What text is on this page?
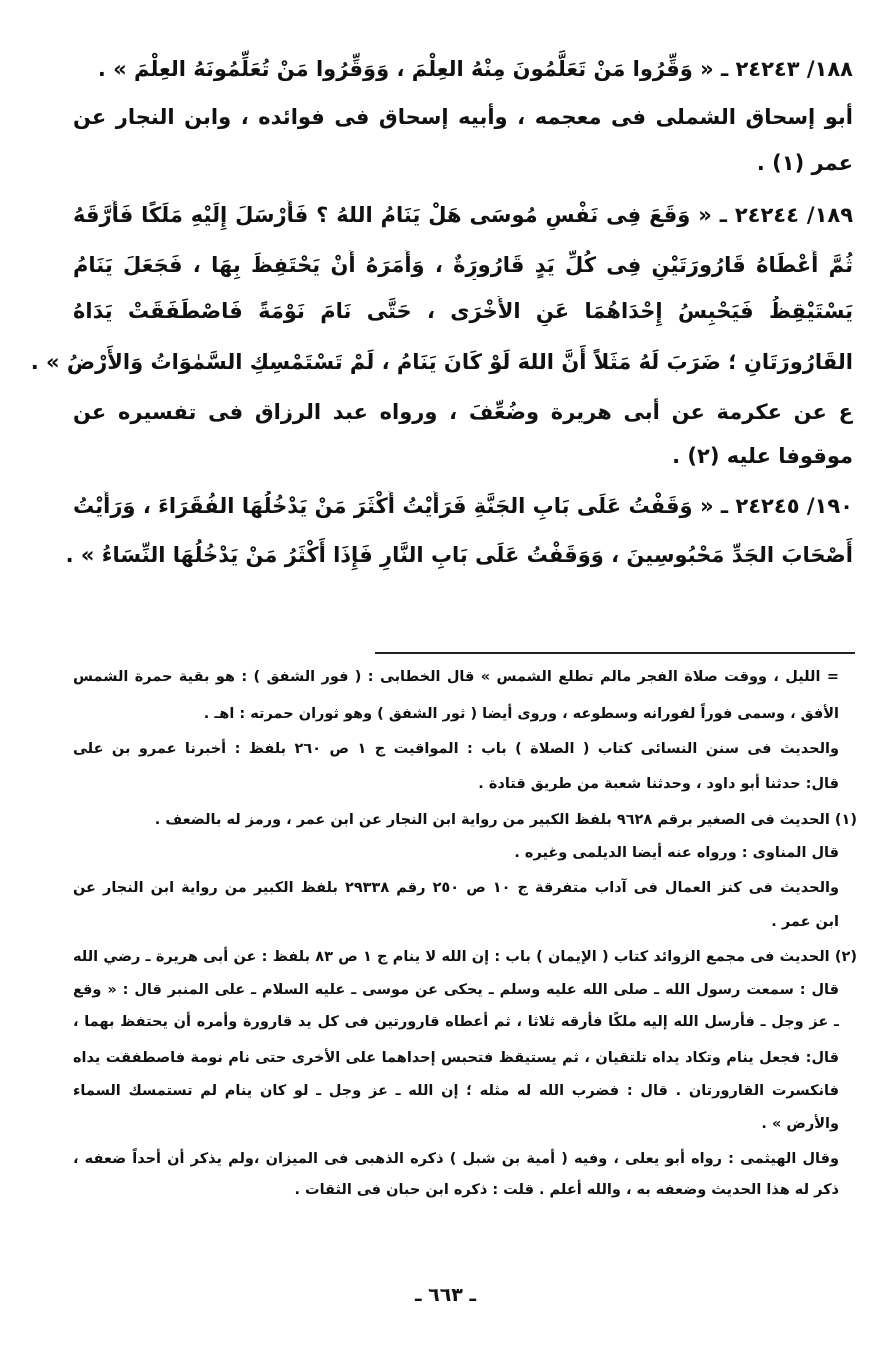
١٨٨/ ٢٤٢٤٣ ـ « وَقِّرُوا مَنْ تَعَلَّمُونَ مِنْهُ العِلْمَ ، وَوَقِّرُوا مَنْ تُعَلِّمُونَهُ العِلْمَ » .
أبو إسحاق الشملى فى معجمه ، وأبيه إسحاق فى فوائده ، وابن النجار عن
عمر (١) .
١٨٩/ ٢٤٢٤٤ ـ « وَقَعَ فِى نَفْسِ مُوسَى هَلْ يَنَامُ اللهُ ؟ فَأَرْسَلَ إِلَيْهِ مَلَكًا فَأَرَّقَهُ
ثُمَّ أَعْطَاهُ قَارُورَتَيْنِ فِى كُلِّ يَدٍ قَارُورَةٌ ، وَأَمَرَهُ أَنْ يَحْتَفِظَ بِهَا ، فَجَعَلَ يَنَامُ
يَسْتَيْقِظُ فَيَحْبِسُ إِحْدَاهُمَا عَنِ الأُخْرَى ، حَتَّى نَامَ نَوْمَةً فَاصْطَفَقَتْ يَدَاهُ
القَارُورَتَانِ ؛ ضَرَبَ لَهُ مَثَلاً أَنَّ اللهَ لَوْ كَانَ يَنَامُ ، لَمْ تَسْتَمْسِكِ السَّمٰوَاتُ وَالأَرْضُ » .
ع عن عكرمة عن أبى هريرة وضُعِّفَ ، ورواه عبد الرزاق فى تفسيره عن
موقوفا عليه (٢) .
١٩٠/ ٢٤٢٤٥ ـ « وَقَفْتُ عَلَى بَابِ الجَنَّةِ فَرَأَيْتُ أَكْثَرَ مَنْ يَدْخُلُهَا الفُقَرَاءَ ، وَرَأَيْتُ
أَصْحَابَ الجَدِّ مَحْبُوسِينَ ، وَوَقَفْتُ عَلَى بَابِ النَّارِ فَإِذَا أَكْثَرُ مَنْ يَدْخُلُهَا النِّسَاءُ » .
= الليل ، ووقت صلاة الفجر مالم تطلع الشمس » قال الخطابى : ( فور الشفق ) : هو بقية حمرة الشمس
الأفق ، وسمى فوراً لفورانه وسطوعه ، وروى أيضا ( ثور الشفق ) وهو ثوران حمرته : اهـ .
والحديث فى سنن النسائى كتاب ( الصلاة ) باب : المواقيت ج ١ ص ٢٦٠ بلفظ : أخبرنا عمرو بن على
قال: حدثنا أبو داود ، وحدثنا شعبة من طريق قتادة .
(١) الحديث فى الصغير برقم ٩٦٢٨ بلفظ الكبير من رواية ابن النجار عن ابن عمر ، ورمز له بالضعف .
قال المناوى : ورواه عنه أيضا الديلمى وغيره .
والحديث فى كنز العمال فى آداب متفرقة ج ١٠ ص ٢٥٠ رقم ٢٩٣٣٨ بلفظ الكبير من رواية ابن النجار عن
ابن عمر .
(٢) الحديث فى مجمع الزوائد كتاب ( الإيمان ) باب : إن الله لا ينام ج ١ ص ٨٣ بلفظ : عن أبى هريرة ـ رضي الله
قال : سمعت رسول الله ـ صلى الله عليه وسلم ـ يحكى عن موسى ـ عليه السلام ـ على المنبر قال : « وقع
ـ عز وجل ـ فأرسل الله إليه ملكًا فأرقه ثلاثا ، ثم أعطاه قارورتين فى كل يد قارورة وأمره أن يحتفظ بهما ،
قال: فجعل ينام وتكاد يداه تلتقيان ، ثم يستيقظ فتحبس إحداهما على الأخرى حتى نام نومة فاصطفقت يداه
فانكسرت القارورتان . قال : فضرب الله له مثله ؛ إن الله ـ عز وجل ـ لو كان ينام لم تستمسك السماء
والأرض » .
وقال الهيثمى : رواه أبو يعلى ، وفيه ( أمية بن شبل ) ذكره الذهبى فى الميزان ،ولم يذكر أن أحداً ضعفه ،
ذكر له هذا الحديث وضعفه به ، والله أعلم . قلت : ذكره ابن حبان فى الثقات .
ـ ٦٦٣ ـ
